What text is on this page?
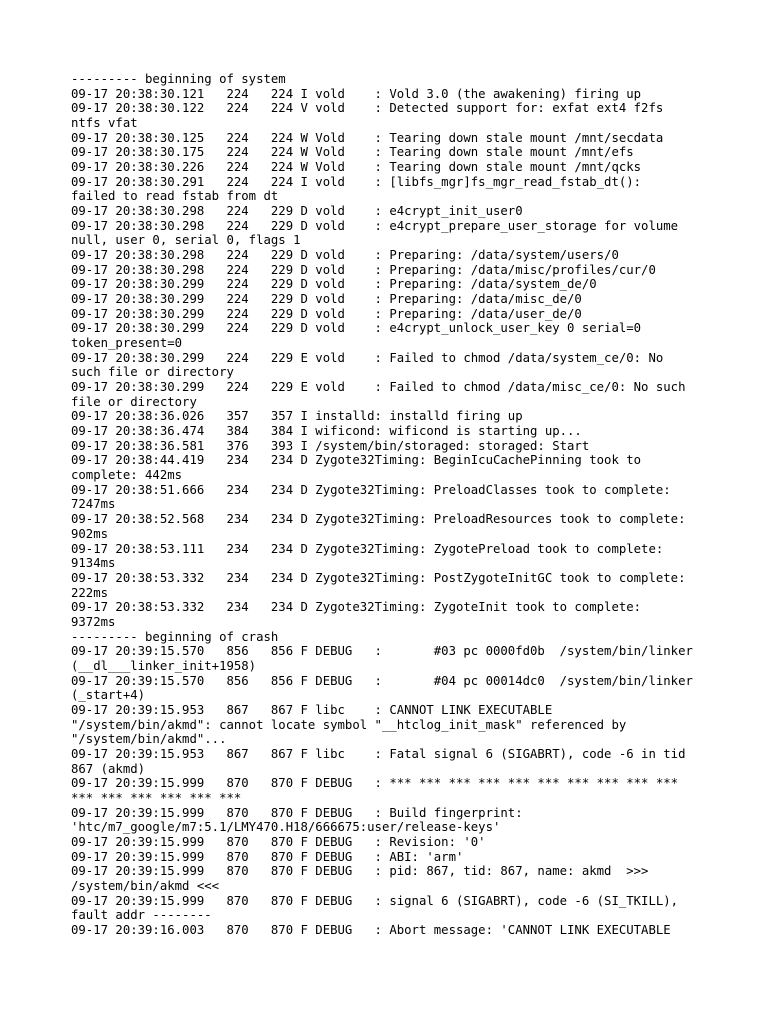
--------- beginning of system
09-17 20:38:30.121   224   224 I vold    : Vold 3.0 (the awakening) firing up
09-17 20:38:30.122   224   224 V vold    : Detected support for: exfat ext4 f2fs
ntfs vfat
09-17 20:38:30.125   224   224 W Vold    : Tearing down stale mount /mnt/secdata
09-17 20:38:30.175   224   224 W Vold    : Tearing down stale mount /mnt/efs
09-17 20:38:30.226   224   224 W Vold    : Tearing down stale mount /mnt/qcks
09-17 20:38:30.291   224   224 I vold    : [libfs_mgr]fs_mgr_read_fstab_dt():
failed to read fstab from dt
09-17 20:38:30.298   224   229 D vold    : e4crypt_init_user0
09-17 20:38:30.298   224   229 D vold    : e4crypt_prepare_user_storage for volume
null, user 0, serial 0, flags 1
09-17 20:38:30.298   224   229 D vold    : Preparing: /data/system/users/0
09-17 20:38:30.298   224   229 D vold    : Preparing: /data/misc/profiles/cur/0
09-17 20:38:30.299   224   229 D vold    : Preparing: /data/system_de/0
09-17 20:38:30.299   224   229 D vold    : Preparing: /data/misc_de/0
09-17 20:38:30.299   224   229 D vold    : Preparing: /data/user_de/0
09-17 20:38:30.299   224   229 D vold    : e4crypt_unlock_user_key 0 serial=0
token_present=0
09-17 20:38:30.299   224   229 E vold    : Failed to chmod /data/system_ce/0: No
such file or directory
09-17 20:38:30.299   224   229 E vold    : Failed to chmod /data/misc_ce/0: No such
file or directory
09-17 20:38:36.026   357   357 I installd: installd firing up
09-17 20:38:36.474   384   384 I wificond: wificond is starting up...
09-17 20:38:36.581   376   393 I /system/bin/storaged: storaged: Start
09-17 20:38:44.419   234   234 D Zygote32Timing: BeginIcuCachePinning took to
complete: 442ms
09-17 20:38:51.666   234   234 D Zygote32Timing: PreloadClasses took to complete:
7247ms
09-17 20:38:52.568   234   234 D Zygote32Timing: PreloadResources took to complete:
902ms
09-17 20:38:53.111   234   234 D Zygote32Timing: ZygotePreload took to complete:
9134ms
09-17 20:38:53.332   234   234 D Zygote32Timing: PostZygoteInitGC took to complete:
222ms
09-17 20:38:53.332   234   234 D Zygote32Timing: ZygoteInit took to complete:
9372ms
--------- beginning of crash
09-17 20:39:15.570   856   856 F DEBUG   :       #03 pc 0000fd0b  /system/bin/linker
(__dl___linker_init+1958)
09-17 20:39:15.570   856   856 F DEBUG   :       #04 pc 00014dc0  /system/bin/linker
(_start+4)
09-17 20:39:15.953   867   867 F libc    : CANNOT LINK EXECUTABLE
"/system/bin/akmd": cannot locate symbol "__htclog_init_mask" referenced by
"/system/bin/akmd"...
09-17 20:39:15.953   867   867 F libc    : Fatal signal 6 (SIGABRT), code -6 in tid
867 (akmd)
09-17 20:39:15.999   870   870 F DEBUG   : *** *** *** *** *** *** *** *** *** ***
*** *** *** *** *** ***
09-17 20:39:15.999   870   870 F DEBUG   : Build fingerprint:
'htc/m7_google/m7:5.1/LMY470.H18/666675:user/release-keys'
09-17 20:39:15.999   870   870 F DEBUG   : Revision: '0'
09-17 20:39:15.999   870   870 F DEBUG   : ABI: 'arm'
09-17 20:39:15.999   870   870 F DEBUG   : pid: 867, tid: 867, name: akmd  >>>
/system/bin/akmd <<<
09-17 20:39:15.999   870   870 F DEBUG   : signal 6 (SIGABRT), code -6 (SI_TKILL),
fault addr --------
09-17 20:39:16.003   870   870 F DEBUG   : Abort message: 'CANNOT LINK EXECUTABLE
